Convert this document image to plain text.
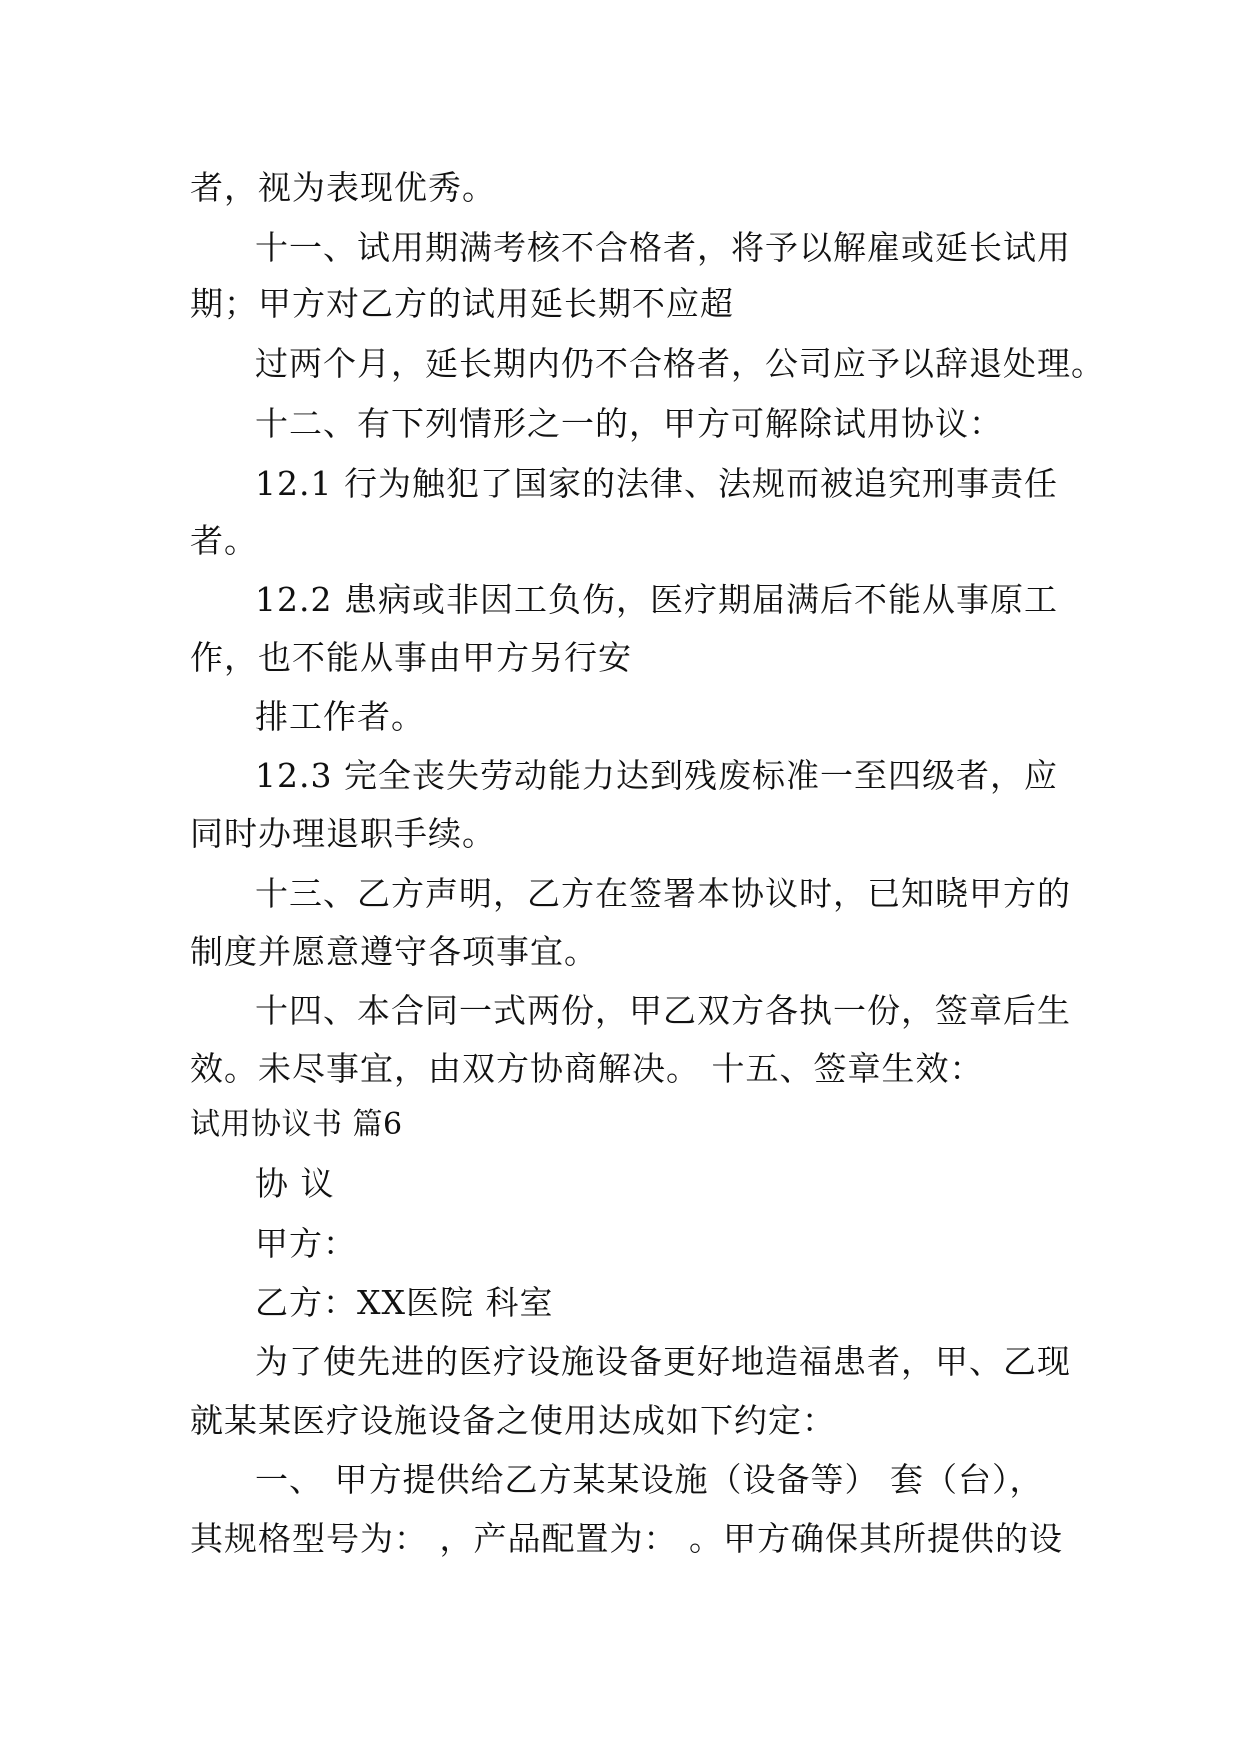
者，视为表现优秀。
十一、试用期满考核不合格者，将予以解雇或延长试用
期；甲方对乙方的试用延长期不应超
过两个月，延长期内仍不合格者，公司应予以辞退处理。
十二、有下列情形之一的，甲方可解除试用协议：
12.1 行为触犯了国家的法律、法规而被追究刑事责任
者。
12.2 患病或非因工负伤，医疗期届满后不能从事原工
作，也不能从事由甲方另行安
排工作者。
12.3 完全丧失劳动能力达到残废标准一至四级者，应
同时办理退职手续。
十三、乙方声明，乙方在签署本协议时，已知晓甲方的
制度并愿意遵守各项事宜。
十四、本合同一式两份，甲乙双方各执一份，签章后生
效。未尽事宜，由双方协商解决。 十五、签章生效：
试用协议书 篇6
协 议
甲方：
乙方：XX医院 科室
为了使先进的医疗设施设备更好地造福患者，甲、乙现
就某某医疗设施设备之使用达成如下约定：
一、 甲方提供给乙方某某设施（设备等） 套（台），
其规格型号为： ，产品配置为： 。甲方确保其所提供的设
